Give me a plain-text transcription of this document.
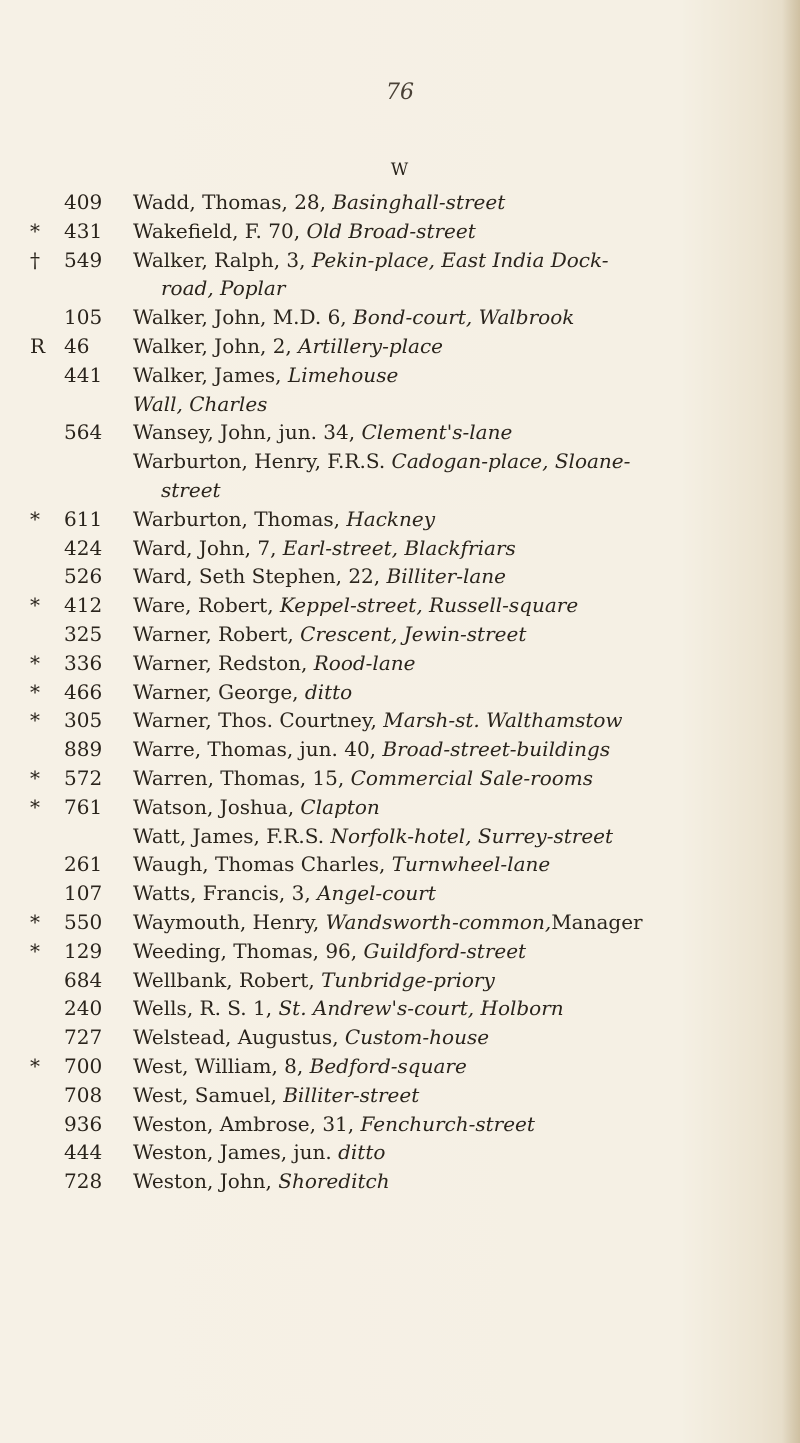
76
W
409	Wadd, Thomas, 28, Basinghall-street
*	431	Wakefield, F. 70, Old Broad-street
†	549	Walker, Ralph, 3, Pekin-place, East India Dock-
road, Poplar
105	Walker, John, M.D. 6, Bond-court, Walbrook
R 46	Walker, John, 2, Artillery-place
441	Walker, James, Limehouse
Wall, Charles
564	Wansey, John, jun. 34, Clement's-lane
Warburton, Henry, F.R.S. Cadogan-place, Sloane-
street
*	611	Warburton, Thomas, Hackney
424	Ward, John, 7, Earl-street, Blackfriars
526	Ward, Seth Stephen, 22, Billiter-lane
*	412	Ware, Robert, Keppel-street, Russell-square
325	Warner, Robert, Crescent, Jewin-street
*	336	Warner, Redston, Rood-lane
*	466	Warner, George, ditto
*	305	Warner, Thos. Courtney, Marsh-st. Walthamstow
889	Warre, Thomas, jun. 40, Broad-street-buildings
*	572	Warren, Thomas, 15, Commercial Sale-rooms
*	761	Watson, Joshua, Clapton
Watt, James, F.R.S. Norfolk-hotel, Surrey-street
261	Waugh, Thomas Charles, Turnwheel-lane
107	Watts, Francis, 3, Angel-court
*	550	Waymouth, Henry, Wandsworth-common,Manager
*	129	Weeding, Thomas, 96, Guildford-street
684	Wellbank, Robert, Tunbridge-priory
240	Wells, R. S. 1, St. Andrew's-court, Holborn
727	Welstead, Augustus, Custom-house
*	700	West, William, 8, Bedford-square
708	West, Samuel, Billiter-street
936	Weston, Ambrose, 31, Fenchurch-street
444	Weston, James, jun. ditto
728	Weston, John, Shoreditch
